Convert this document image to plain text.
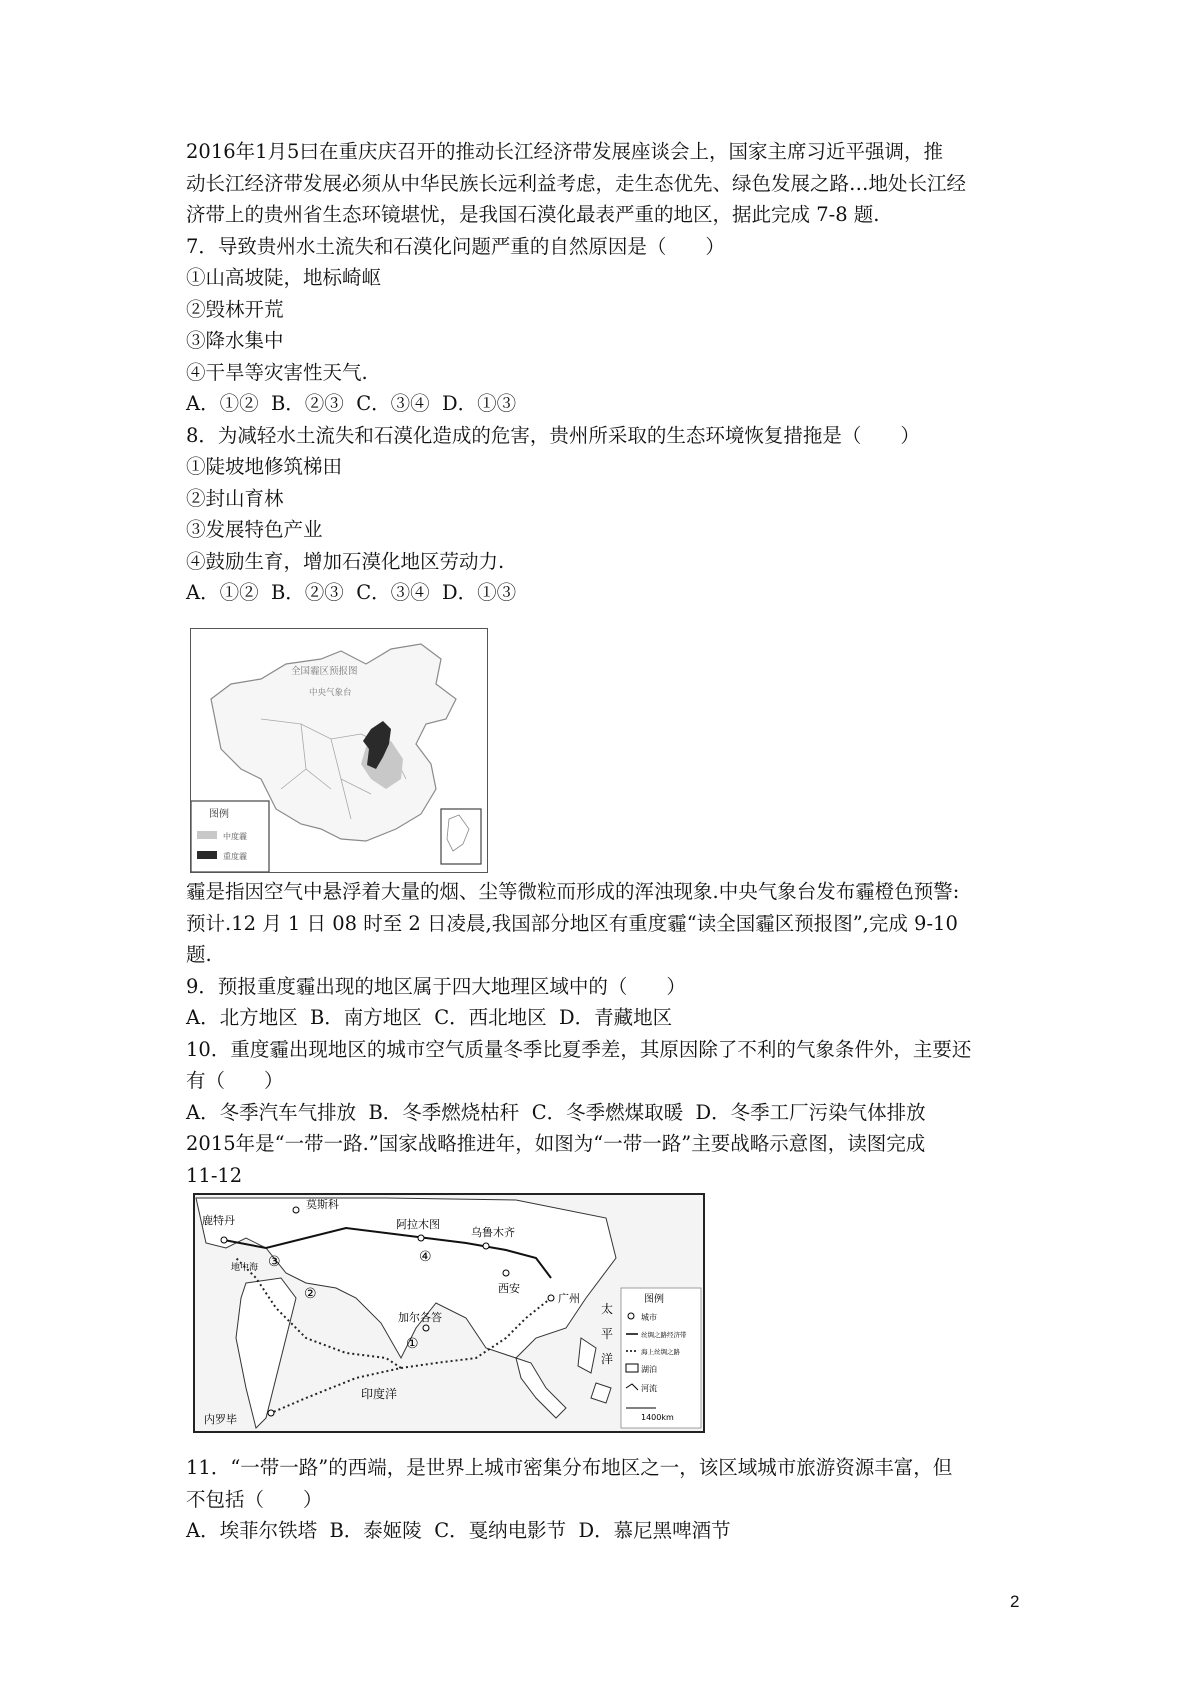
2016年1月5曰在重庆庆召开的推动长江经济带发展座谈会上，国家主席习近平强调，推
动长江经济带发展必须从中华民族长远利益考虑，走生态优先、绿色发展之路…地处长江经
济带上的贵州省生态环镜堪忧，是我国石漠化最表严重的地区，据此完成 7-8 题.
7．导致贵州水土流失和石漠化问题严重的自然原因是（　　）
①山高坡陡，地标崎岖
②毁林开荒
③降水集中
④干旱等灾害性天气.
A．①②  B．②③  C．③④  D．①③
8．为减轻水土流失和石漠化造成的危害，贵州所采取的生态环境恢复措拖是（　　）
①陡坡地修筑梯田
②封山育林
③发展特色产业
④鼓励生育，增加石漠化地区劳动力.
A．①②  B．②③  C．③④  D．①③
全国霾区预报图
中央气象台
图例
中度霾
重度霾
霾是指因空气中悬浮着大量的烟、尘等微粒而形成的浑浊现象.中央气象台发布霾橙色预警:
预计.12 月 1 日 08 时至 2 日凌晨,我国部分地区有重度霾“读全国霾区预报图”,完成 9-10
题.
9．预报重度霾出现的地区属于四大地理区域中的（　　）
A．北方地区  B．南方地区  C．西北地区  D．青藏地区
10．重度霾出现地区的城市空气质量冬季比夏季差，其原因除了不利的气象条件外，主要还
有（　　）
A．冬季汽车气排放  B．冬季燃烧枯秆  C．冬季燃煤取暖  D．冬季工厂污染气体排放
2015年是“一带一路.”国家战略推进年，如图为“一带一路”主要战略示意图，读图完成
11-12
鹿特丹
莫斯科
阿拉木图
乌鲁木齐
西安
广州
加尔各答
内罗毕
印度洋
太
平
洋
地中海
①
②
③	④
图例
城市
丝绸之路经济带
海上丝绸之路
湖泊
河流
1400km
11．“一带一路”的西端，是世界上城市密集分布地区之一，该区域城市旅游资源丰富，但
不包括（　　）
A．埃菲尔铁塔  B．泰姬陵  C．戛纳电影节  D．慕尼黑啤酒节
2
